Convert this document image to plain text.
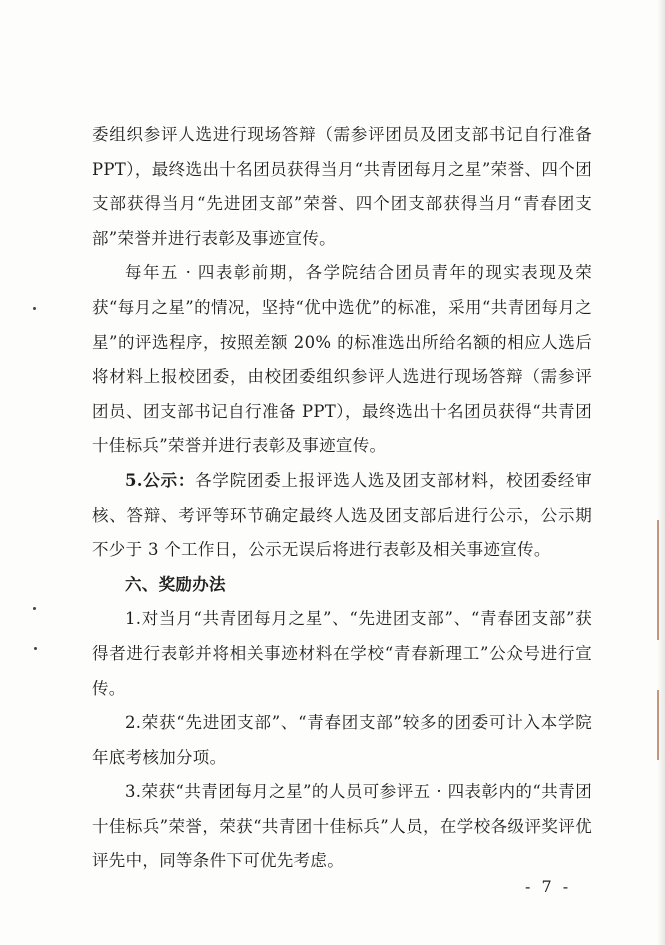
委组织参评人选进行现场答辩（需参评团员及团支部书记自行准备 PPT），最终选出十名团员获得当月“共青团每月之星”荣誉、四个团支部获得当月“先进团支部”荣誉、四个团支部获得当月“青春团支部”荣誉并进行表彰及事迹宣传。

每年五 · 四表彰前期，各学院结合团员青年的现实表现及荣获“每月之星”的情况，坚持“优中选优”的标准，采用“共青团每月之星”的评选程序，按照差额 20% 的标准选出所给名额的相应人选后将材料上报校团委，由校团委组织参评人选进行现场答辩（需参评团员、团支部书记自行准备 PPT），最终选出十名团员获得“共青团十佳标兵”荣誉并进行表彰及事迹宣传。

5.公示：各学院团委上报评选人选及团支部材料，校团委经审核、答辩、考评等环节确定最终人选及团支部后进行公示，公示期不少于 3 个工作日，公示无误后将进行表彰及相关事迹宣传。

六、奖励办法

1.对当月“共青团每月之星”、“先进团支部”、“青春团支部”获得者进行表彰并将相关事迹材料在学校“青春新理工”公众号进行宣传。

2.荣获“先进团支部”、“青春团支部”较多的团委可计入本学院年底考核加分项。

3.荣获“共青团每月之星”的人员可参评五 · 四表彰内的“共青团十佳标兵”荣誉，荣获“共青团十佳标兵”人员，在学校各级评奖评优评先中，同等条件下可优先考虑。

- 7 -
